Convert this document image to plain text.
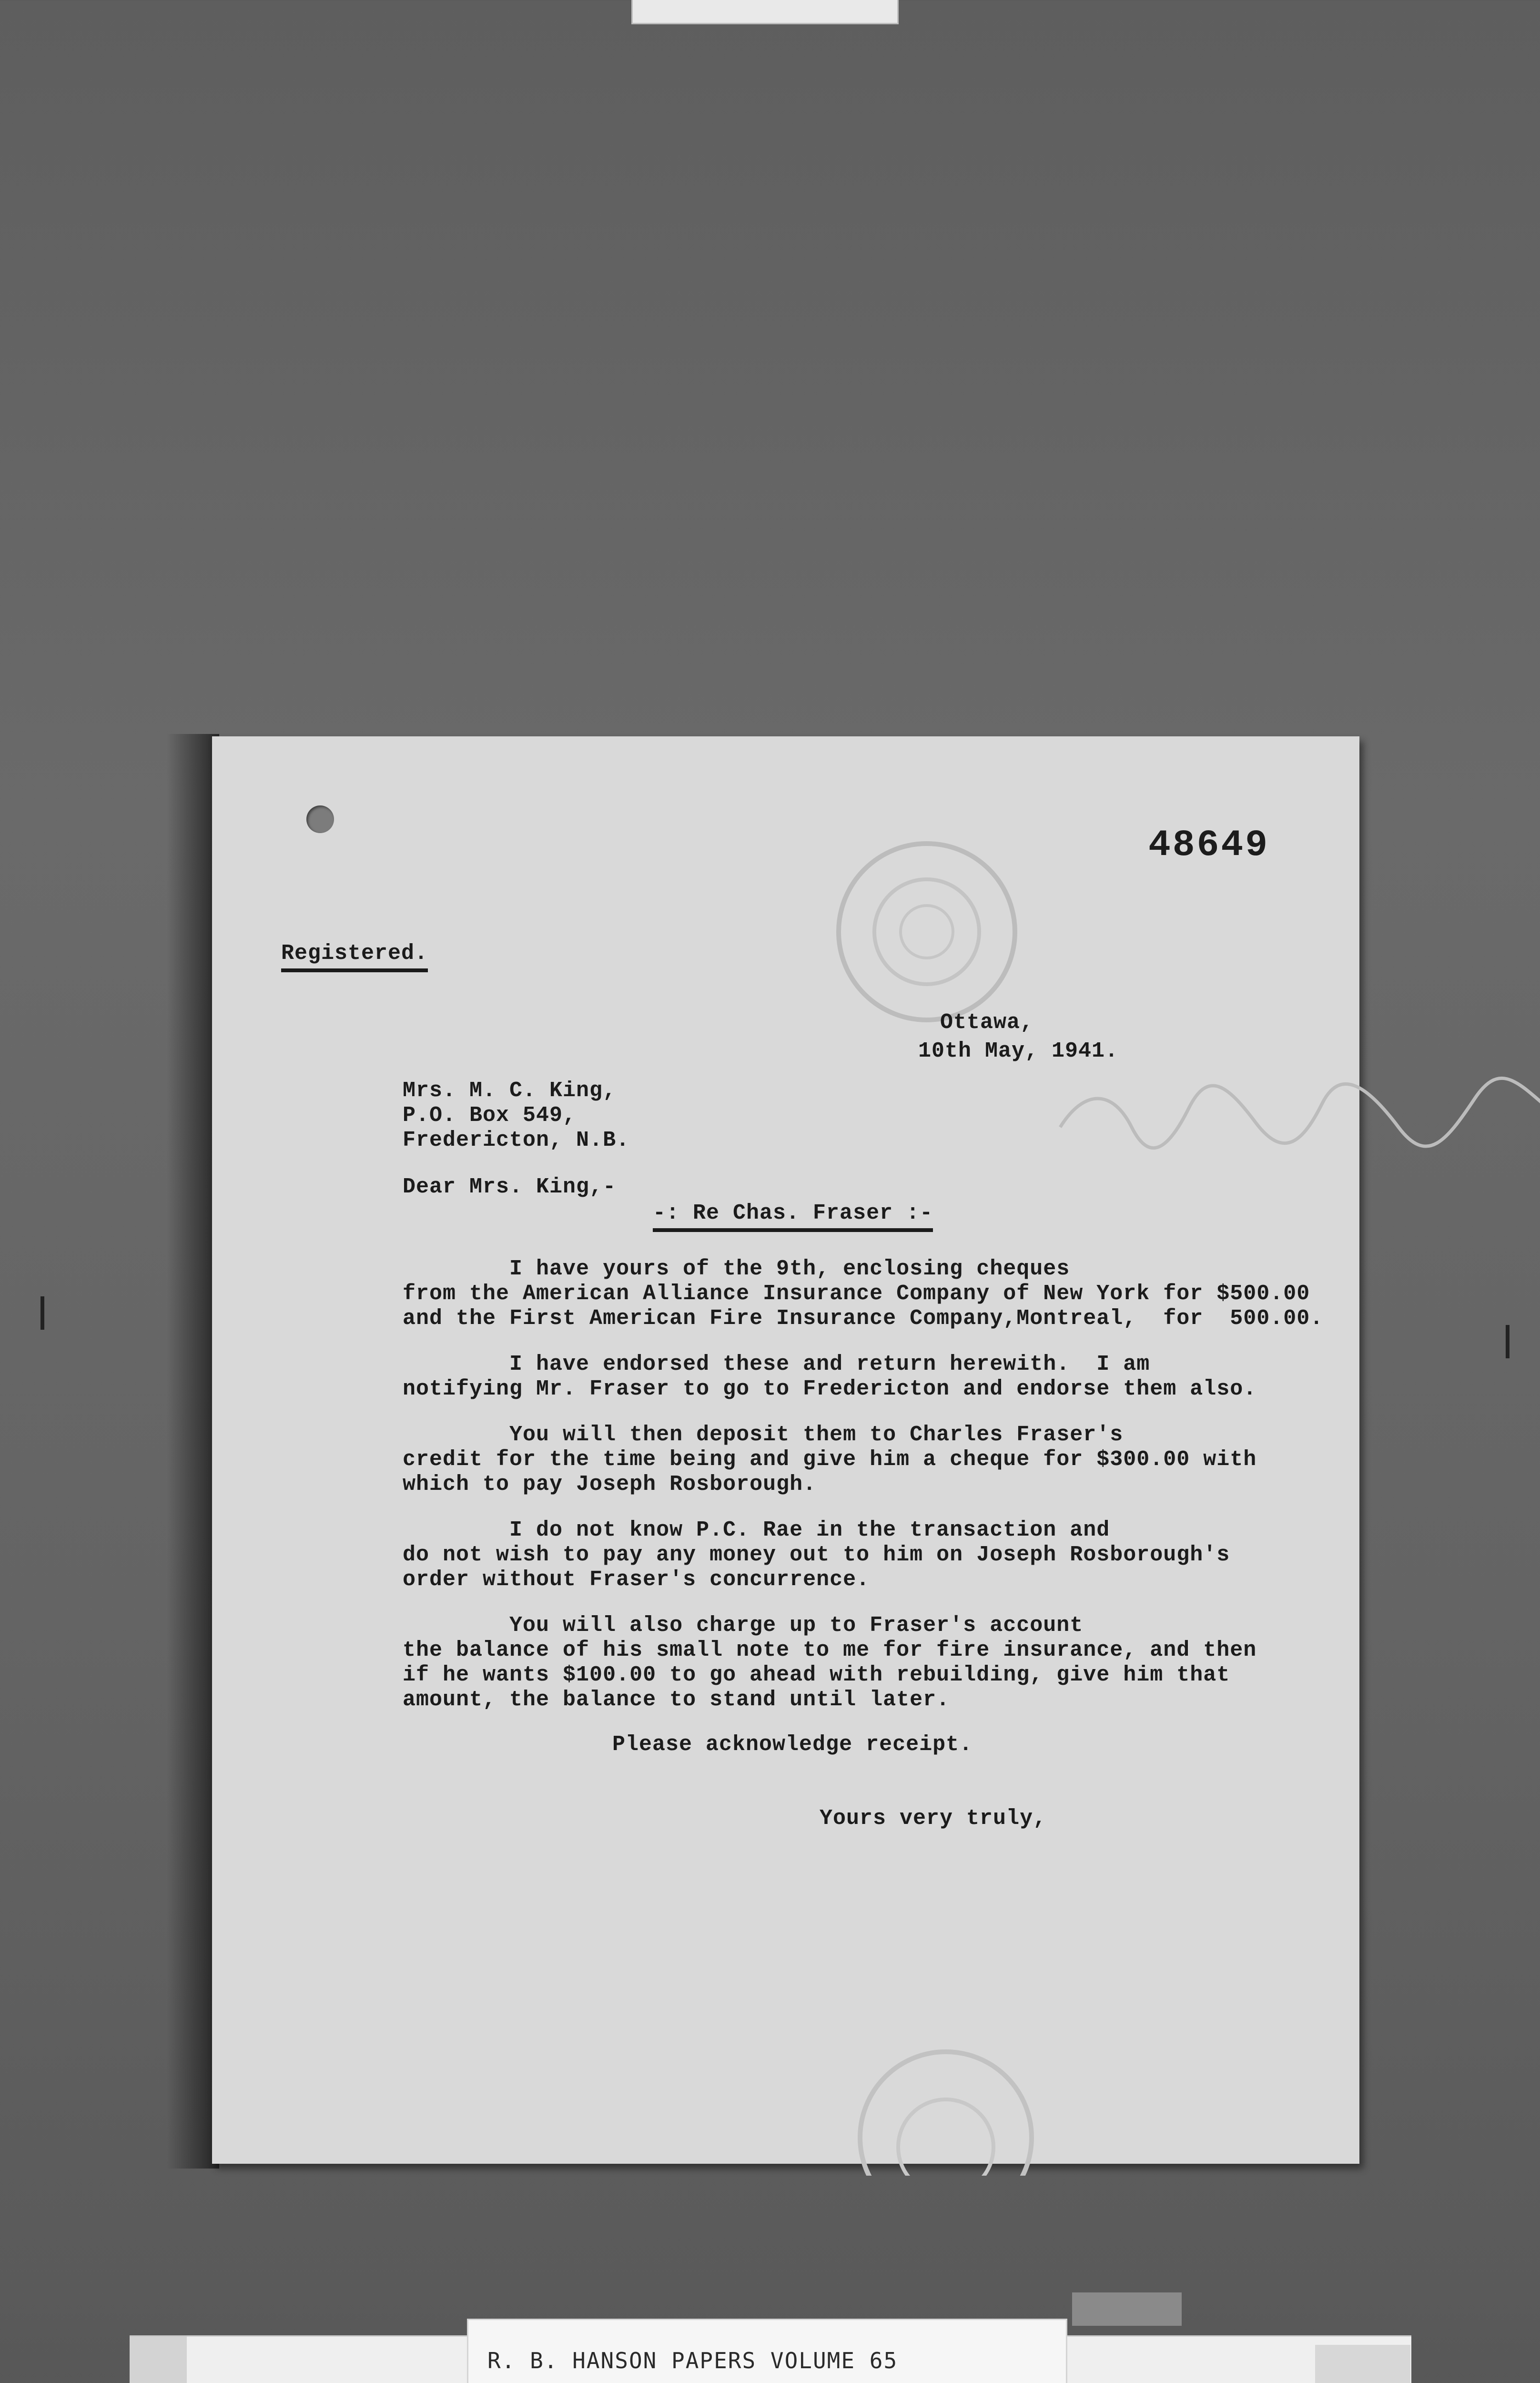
48649
Registered.
Ottawa,
10th May, 1941.
Mrs. M. C. King,
P.O. Box 549,
Fredericton, N.B.
Dear Mrs. King,-
-: Re Chas. Fraser :-
I have yours of the 9th, enclosing cheques
from the American Alliance Insurance Company of New York for $500.00
and the First American Fire Insurance Company,Montreal,  for  500.00.
I have endorsed these and return herewith.  I am
notifying Mr. Fraser to go to Fredericton and endorse them also.
You will then deposit them to Charles Fraser's
credit for the time being and give him a cheque for $300.00 with
which to pay Joseph Rosborough.
I do not know P.C. Rae in the transaction and
do not wish to pay any money out to him on Joseph Rosborough's
order without Fraser's concurrence.
You will also charge up to Fraser's account
the balance of his small note to me for fire insurance, and then
if he wants $100.00 to go ahead with rebuilding, give him that
amount, the balance to stand until later.
Please acknowledge receipt.
Yours very truly,
R. B. HANSON PAPERS VOLUME 65
